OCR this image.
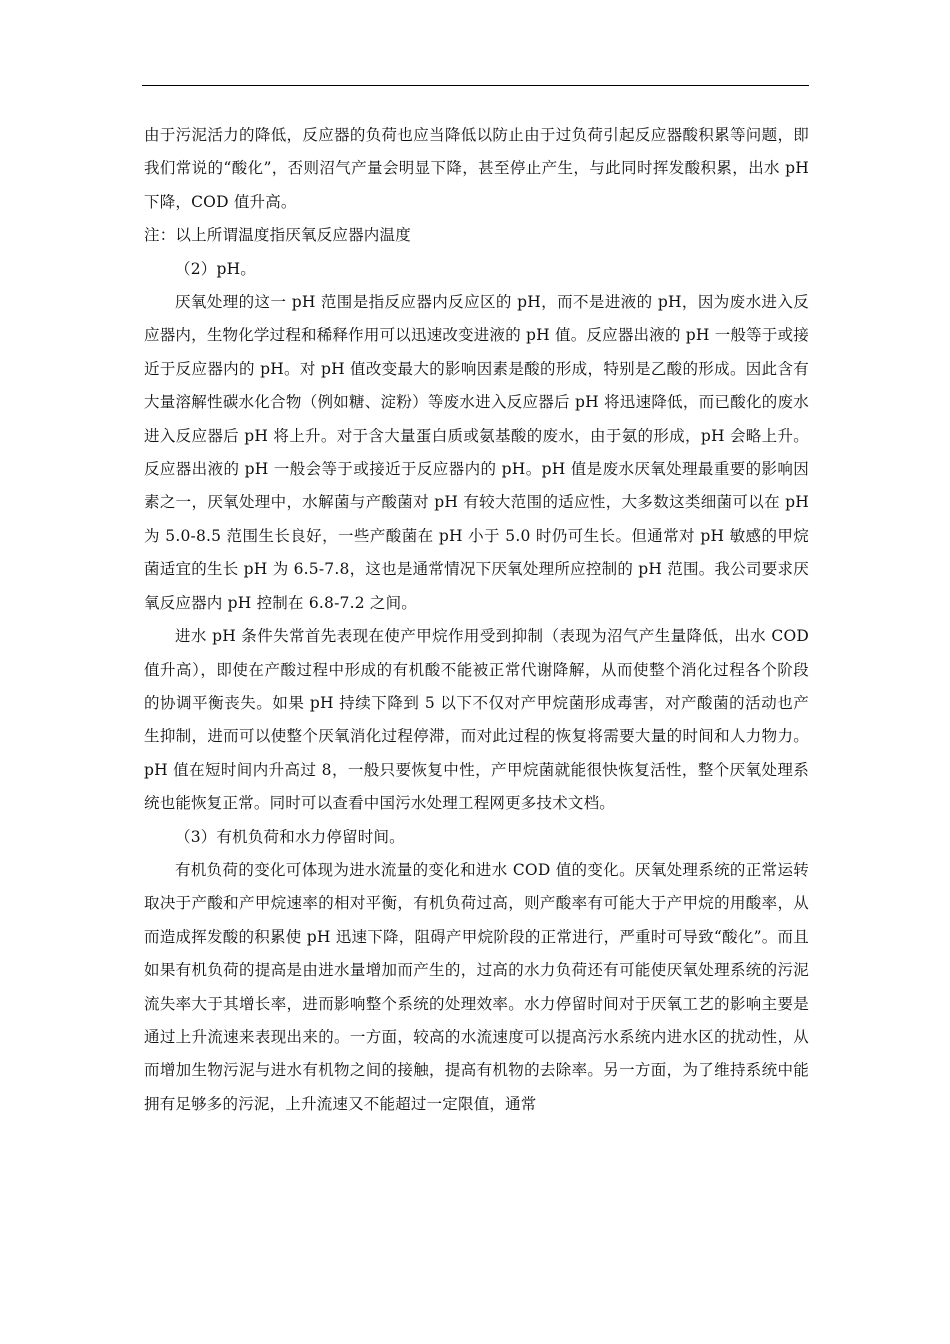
由于污泥活力的降低，反应器的负荷也应当降低以防止由于过负荷引起反应器酸积累等问题，即我们常说的“酸化”，否则沼气产量会明显下降，甚至停止产生，与此同时挥发酸积累，出水 pH 下降，COD 值升高。

注：以上所谓温度指厌氧反应器内温度

（2）pH。

厌氧处理的这一 pH 范围是指反应器内反应区的 pH，而不是进液的 pH，因为废水进入反应器内，生物化学过程和稀释作用可以迅速改变进液的 pH 值。反应器出液的 pH 一般等于或接近于反应器内的 pH。对 pH 值改变最大的影响因素是酸的形成，特别是乙酸的形成。因此含有大量溶解性碳水化合物（例如糖、淀粉）等废水进入反应器后 pH 将迅速降低，而已酸化的废水进入反应器后 pH 将上升。对于含大量蛋白质或氨基酸的废水，由于氨的形成，pH 会略上升。反应器出液的 pH 一般会等于或接近于反应器内的 pH。pH 值是废水厌氧处理最重要的影响因素之一，厌氧处理中，水解菌与产酸菌对 pH 有较大范围的适应性，大多数这类细菌可以在 pH 为 5.0-8.5 范围生长良好，一些产酸菌在 pH 小于 5.0 时仍可生长。但通常对 pH 敏感的甲烷菌适宜的生长 pH 为 6.5-7.8，这也是通常情况下厌氧处理所应控制的 pH 范围。我公司要求厌氧反应器内 pH 控制在 6.8-7.2 之间。

进水 pH 条件失常首先表现在使产甲烷作用受到抑制（表现为沼气产生量降低，出水 COD 值升高），即使在产酸过程中形成的有机酸不能被正常代谢降解，从而使整个消化过程各个阶段的协调平衡丧失。如果 pH 持续下降到 5 以下不仅对产甲烷菌形成毒害，对产酸菌的活动也产生抑制，进而可以使整个厌氧消化过程停滞，而对此过程的恢复将需要大量的时间和人力物力。pH 值在短时间内升高过 8，一般只要恢复中性，产甲烷菌就能很快恢复活性，整个厌氧处理系统也能恢复正常。同时可以查看中国污水处理工程网更多技术文档。

（3）有机负荷和水力停留时间。

有机负荷的变化可体现为进水流量的变化和进水 COD 值的变化。厌氧处理系统的正常运转取决于产酸和产甲烷速率的相对平衡，有机负荷过高，则产酸率有可能大于产甲烷的用酸率，从而造成挥发酸的积累使 pH 迅速下降，阻碍产甲烷阶段的正常进行，严重时可导致“酸化”。而且如果有机负荷的提高是由进水量增加而产生的，过高的水力负荷还有可能使厌氧处理系统的污泥流失率大于其增长率，进而影响整个系统的处理效率。水力停留时间对于厌氧工艺的影响主要是通过上升流速来表现出来的。一方面，较高的水流速度可以提高污水系统内进水区的扰动性，从而增加生物污泥与进水有机物之间的接触，提高有机物的去除率。另一方面，为了维持系统中能拥有足够多的污泥，上升流速又不能超过一定限值，通常
